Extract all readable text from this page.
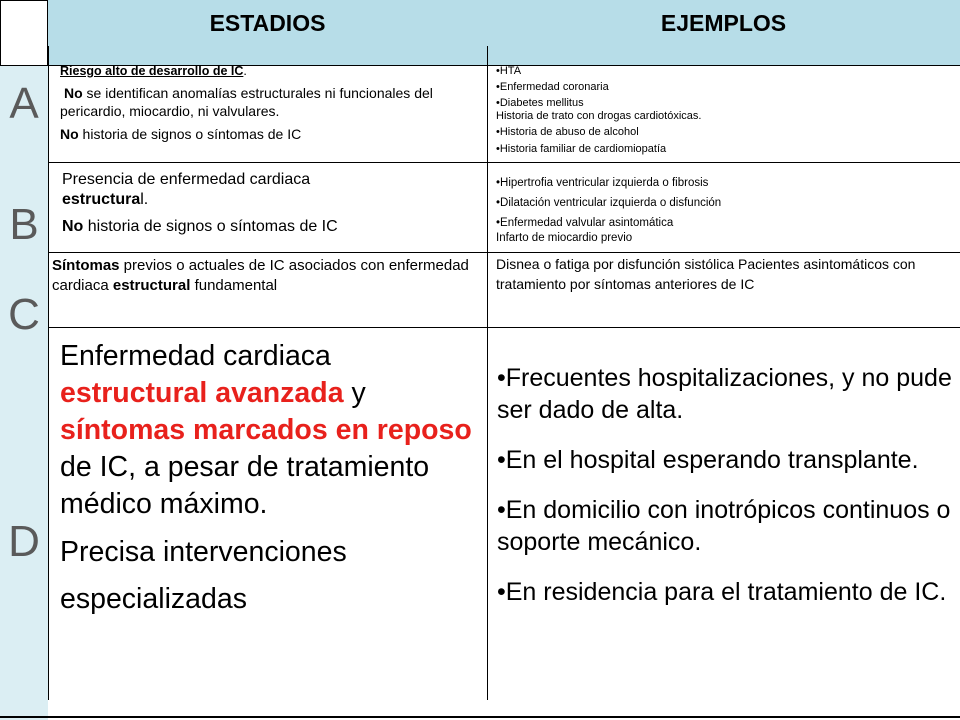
ESTADIOS	EJEMPLOS
A
B
C
D

Riesgo alto de desarrollo de IC.

No se identifican anomalías estructurales ni funcionales del pericardio, miocardio, ni valvulares.

No historia de signos o síntomas de IC

•HTA
•Enfermedad coronaria
•Diabetes mellitus
Historia de trato con drogas cardiotóxicas.
•Historia de abuso de alcohol
•Historia familiar de cardiomiopatía

Presencia de enfermedad cardiaca

estructural.

No historia de signos o síntomas de IC

•Hipertrofia ventricular izquierda o fibrosis
•Dilatación ventricular izquierda o disfunción
•Enfermedad valvular asintomática
Infarto de miocardio previo
Síntomas previos o actuales de IC asociados con enfermedad cardiaca estructural fundamental
Disnea o fatiga por disfunción sistólica Pacientes asintomáticos con tratamiento por síntomas anteriores de IC

Enfermedad cardiaca estructural avanzada y síntomas marcados en reposo de IC, a pesar de tratamiento médico máximo.

Precisa intervenciones especializadas

•Frecuentes hospitalizaciones, y no pude ser dado de alta.
•En el hospital esperando transplante.
•En domicilio con inotrópicos continuos o soporte mecánico.
•En residencia para el tratamiento de IC.
